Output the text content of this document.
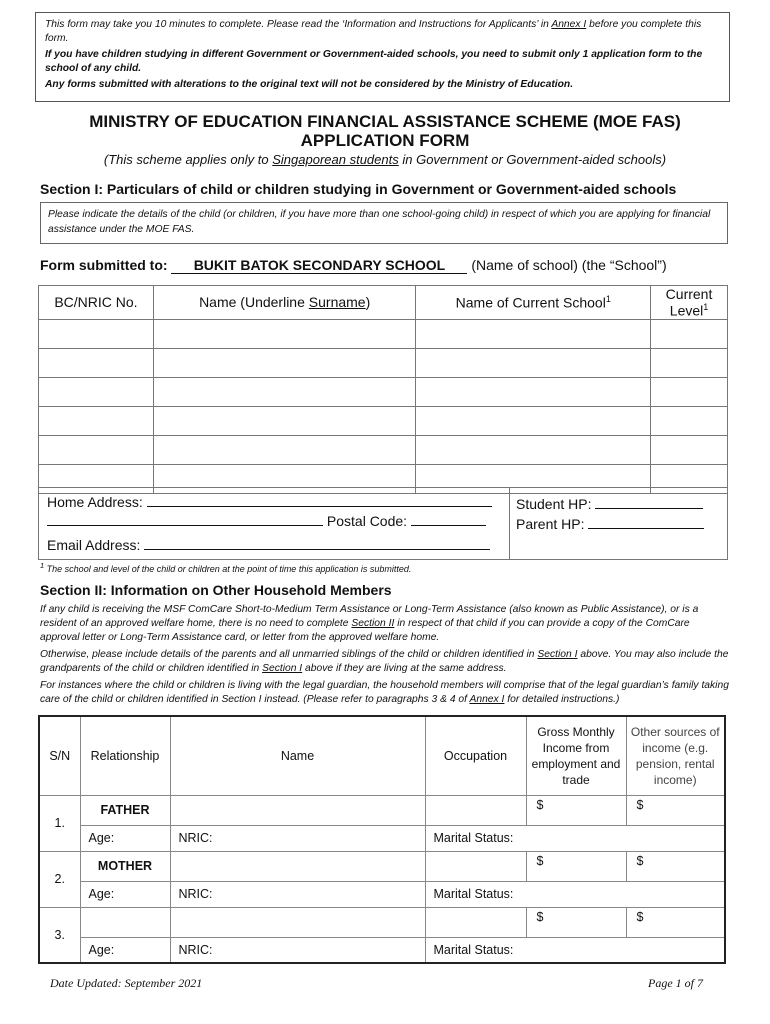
This form may take you 10 minutes to complete. Please read the ‘Information and Instructions for Applicants’ in Annex I before you complete this form.

If you have children studying in different Government or Government-aided schools, you need to submit only 1 application form to the school of any child.

Any forms submitted with alterations to the original text will not be considered by the Ministry of Education.

MINISTRY OF EDUCATION FINANCIAL ASSISTANCE SCHEME (MOE FAS)
APPLICATION FORM
(This scheme applies only to Singaporean students in Government or Government-aided schools)
Section I: Particulars of child or children studying in Government or Government-aided schools
Please indicate the details of the child (or children, if you have more than one school-going child) in respect of which you are applying for financial assistance under the MOE FAS.
Form submitted to: BUKIT BATOK SECONDARY SCHOOL (Name of school) (the “School”)
BC/NRIC No.	Name (Underline Surname)	Name of Current School$^1$	Current Level$^1$

Home Address:
Postal Code:
Email Address:
Student HP:
Parent HP:
$^1$ The school and level of the child or children at the point of time this application is submitted.
Section II: Information on Other Household Members
If any child is receiving the MSF ComCare Short-to-Medium Term Assistance or Long-Term Assistance (also known as Public Assistance), or is a resident of an approved welfare home, there is no need to complete Section II in respect of that child if you can provide a copy of the ComCare approval letter or Long-Term Assistance card, or letter from the approved welfare home.
Otherwise, please include details of the parents and all unmarried siblings of the child or children identified in Section I above. You may also include the grandparents of the child or children identified in Section I above if they are living at the same address.
For instances where the child or children is living with the legal guardian, the household members will comprise that of the legal guardian’s family taking care of the child or children identified in Section I instead. (Please refer to paragraphs 3 & 4 of Annex I for detailed instructions.)
S/N	Relationship	Name	Occupation	Gross Monthly Income from employment and trade	Other sources of income (e.g. pension, rental income)
1.	FATHER			$	$
	Age:	NRIC:	Marital Status:		
2.	MOTHER			$	$
	Age:	NRIC:	Marital Status:		
3.				$	$
	Age:	NRIC:	Marital Status:		
Date Updated: September 2021	Page 1 of 7
